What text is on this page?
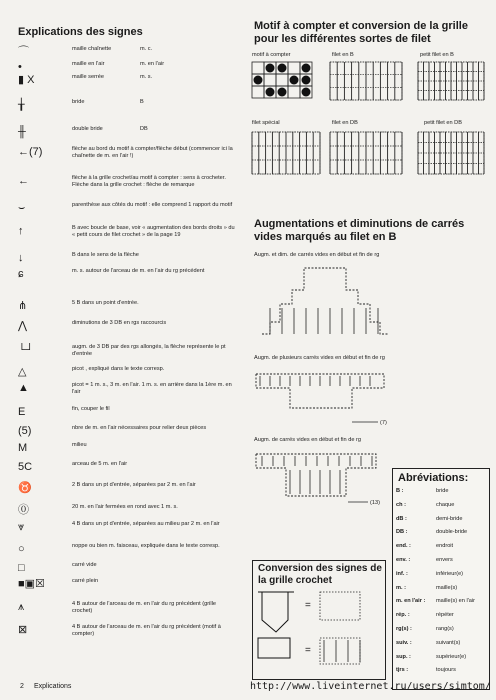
Explications des signes
⌒	maille chaînette	m. c.
•	maille en l'air	m. en l'air
▮ X	maille serrée	m. s.
╁	bride	B
╫	double bride	DB
←(7)	flèche au bord du motif à compter/flèche début (commencer ici la chaînette de m. en l'air !)
←	flèche à la grille crochet/au motif à compter : sens à crocheter. Flèche dans la grille crochet : flèche de remarque
⌣	parenthèse aux côtés du motif : elle comprend 1 rapport du motif
↑	B avec boucle de base, voir « augmentation des bords droits » du « petit cours de filet crochet » de la page 19
↓	B dans le sens de la flèche
ɕ	m. s. autour de l'arceau de m. en l'air du rg précédent
⋔	5 B dans un point d'entrée.
⋀	diminutions de 3 DB en rgs raccourcis
└┘	augm. de 3 DB par des rgs allongés, la flèche représente le pt d'entrée
△	picot , expliqué dans le texte corresp.
▲	picot = 1 m. s., 3 m. en l'air. 1 m. s. en arrière dans la 1ère m. en l'air
E	fin, couper le fil
(5)	nbre de m. en l'air nécessaires pour relier deux pièces
M	milieu
5C	arceau de 5 m. en l'air
♉	2 B dans un pt d'entrée, séparées par 2 m. en l'air
⓪	20 m. en l'air fermées en rond avec 1 m. s.
⩔	4 B dans un pt d'entrée, séparées au milieu par 2 m. en l'air
○	noppe ou bien m. faisceau, expliquée dans le texte corresp.
□	carré vide
■▣☒	carré plein
⩚	4 B autour de l'arceau de m. en l'air du rg précédent (grille crochet)
⊠	4 B autour de l'arceau de m. en l'air du rg précédent (motif à compter)
Motif à compter et conversion de la grille pour les différentes sortes de filet
motif à compter	filet en B	petit filet en B
filet spécial	filet en DB	petit filet en DB
Augmentations et diminutions de carrés vides marqués au filet en B
Augm. et dim. de carrés vides en début et fin de rg
Augm. de plusieurs carrés vides en début et fin de rg
Augm. de carrés vides en début et fin de rg
(7)
(13)
Conversion des signes de la grille crochet
=
=
Abréviations:
B :	bride
ch :	chaque
dB :	demi-bride
DB :	double-bride
end. :	endroit
env. :	envers
inf. :	inférieur(e)
m. :	maille(s)
m. en l'air : maille(s) en l'air
rép. :	répéter
rg(s) :	rang(s)
suiv. :	suivant(s)
sup. :	supérieur(e)
tjrs :	toujours
2 Explications	http://www.liveinternet.ru/users/simtom/
